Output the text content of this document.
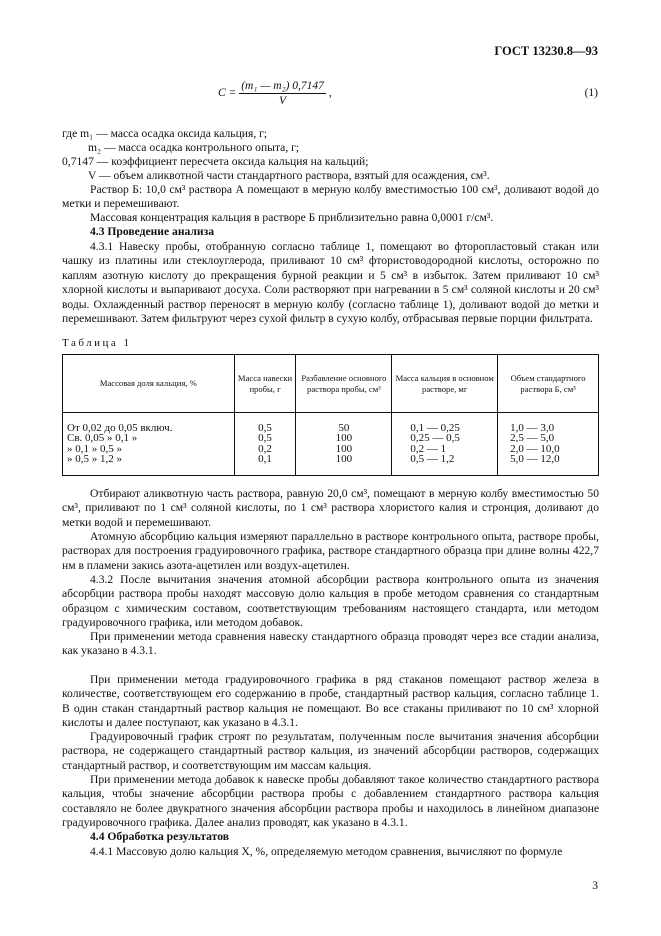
ГОСТ 13230.8—93
$C = \frac{\text{(m₁ — m₂) 0,7147}}{V}$ ,	(1)
где m₁ — масса осадка оксида кальция, г;
m₂ — масса осадка контрольного опыта, г;
0,7147 — коэффициент пересчета оксида кальция на кальций;
V — объем аликвотной части стандартного раствора, взятый для осаждения, см³.
Раствор Б: 10,0 см³ раствора А помещают в мерную колбу вместимостью 100 см³, доливают водой до метки и перемешивают.
Массовая концентрация кальция в растворе Б приблизительно равна 0,0001 г/см³.
4.3 Проведение анализа
4.3.1 Навеску пробы, отобранную согласно таблице 1, помещают во фторопластовый стакан или чашку из платины или стеклоуглерода, приливают 10 см³ фтористоводородной кислоты, осторожно по каплям азотную кислоту до прекращения бурной реакции и 5 см³ в избыток. Затем приливают 10 см³ хлорной кислоты и выпаривают досуха. Соли растворяют при нагревании в 5 см³ соляной кислоты и 20 см³ воды. Охлажденный раствор переносят в мерную колбу (согласно таблице 1), доливают водой до метки и перемешивают. Затем фильтруют через сухой фильтр в сухую колбу, отбрасывая первые порции фильтрата.
Таблица 1
Массовая доля кальция, %	Масса навески пробы, г	Разбавление основного раствора пробы, см³	Масса кальция в основном растворе, мг	Объем стандартного раствора Б, см³
От 0,02 до 0,05 включ.	0,5	50	0,1 — 0,25	1,0 — 3,0
Св. 0,05 » 0,1 »	0,5	100	0,25 — 0,5	2,5 — 5,0
» 0,1 » 0,5 »	0,2	100	0,2 — 1	2,0 — 10,0
» 0,5 » 1,2 »	0,1	100	0,5 — 1,2	5,0 — 12,0
Отбирают аликвотную часть раствора, равную 20,0 см³, помещают в мерную колбу вместимостью 50 см³, приливают по 1 см³ соляной кислоты, по 1 см³ раствора хлористого калия и стронция, доливают до метки водой и перемешивают.
Атомную абсорбцию кальция измеряют параллельно в растворе контрольного опыта, растворе пробы, растворах для построения градуировочного графика, растворе стандартного образца при длине волны 422,7 нм в пламени закись азота-ацетилен или воздух-ацетилен.
4.3.2 После вычитания значения атомной абсорбции раствора контрольного опыта из значения абсорбции раствора пробы находят массовую долю кальция в пробе методом сравнения со стандартным образцом с химическим составом, соответствующим требованиям настоящего стандарта, или методом градуировочного графика, или методом добавок.
При применении метода сравнения навеску стандартного образца проводят через все стадии анализа, как указано в 4.3.1.
При применении метода градуировочного графика в ряд стаканов помещают раствор железа в количестве, соответствующем его содержанию в пробе, стандартный раствор кальция, согласно таблице 1. В один стакан стандартный раствор кальция не помещают. Во все стаканы приливают по 10 см³ хлорной кислоты и далее поступают, как указано в 4.3.1.
Градуировочный график строят по результатам, полученным после вычитания значения абсорбции раствора, не содержащего стандартный раствор кальция, из значений абсорбции растворов, содержащих стандартный раствор, и соответствующим им массам кальция.
При применении метода добавок к навеске пробы добавляют такое количество стандартного раствора кальция, чтобы значение абсорбции раствора пробы с добавлением стандартного раствора кальция составляло не более двукратного значения абсорбции раствора пробы и находилось в линейном диапазоне градуировочного графика. Далее анализ проводят, как указано в 4.3.1.
4.4 Обработка результатов
4.4.1 Массовую долю кальция X, %, определяемую методом сравнения, вычисляют по формуле
3
